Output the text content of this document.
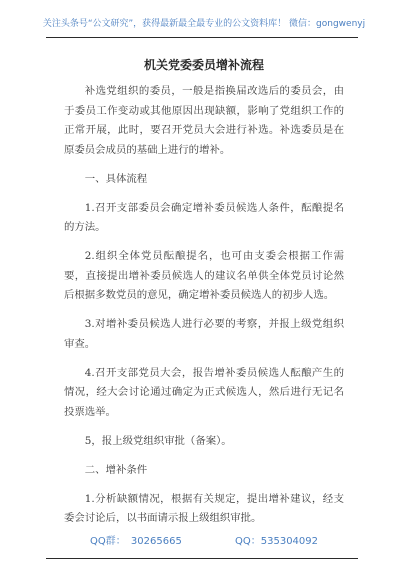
关注头条号“公文研究”，获得最新最全最专业的公文资料库！ 微信：gongwenyj
机关党委委员增补流程

补选党组织的委员，一般是指换届改选后的委员会，由于委员工作变动或其他原因出现缺额，影响了党组织工作的正常开展，此时，要召开党员大会进行补选。补选委员是在原委员会成员的基础上进行的增补。

一、具体流程

1.召开支部委员会确定增补委员候选人条件，酝酿提名的方法。

2.组织全体党员酝酿提名，也可由支委会根据工作需要，直接提出增补委员候选人的建议名单供全体党员讨论然后根据多数党员的意见，确定增补委员候选人的初步人选。

3.对增补委员候选人进行必要的考察，并报上级党组织审查。

4.召开支部党员大会，报告增补委员候选人酝酿产生的情况，经大会讨论通过确定为正式候选人，然后进行无记名投票选举。

5，报上级党组织审批（备案）。

二、增补条件

1.分析缺额情况，根据有关规定，提出增补建议，经支委会讨论后，以书面请示报上级组织审批。

QQ群： 30265665	QQ：535304092
